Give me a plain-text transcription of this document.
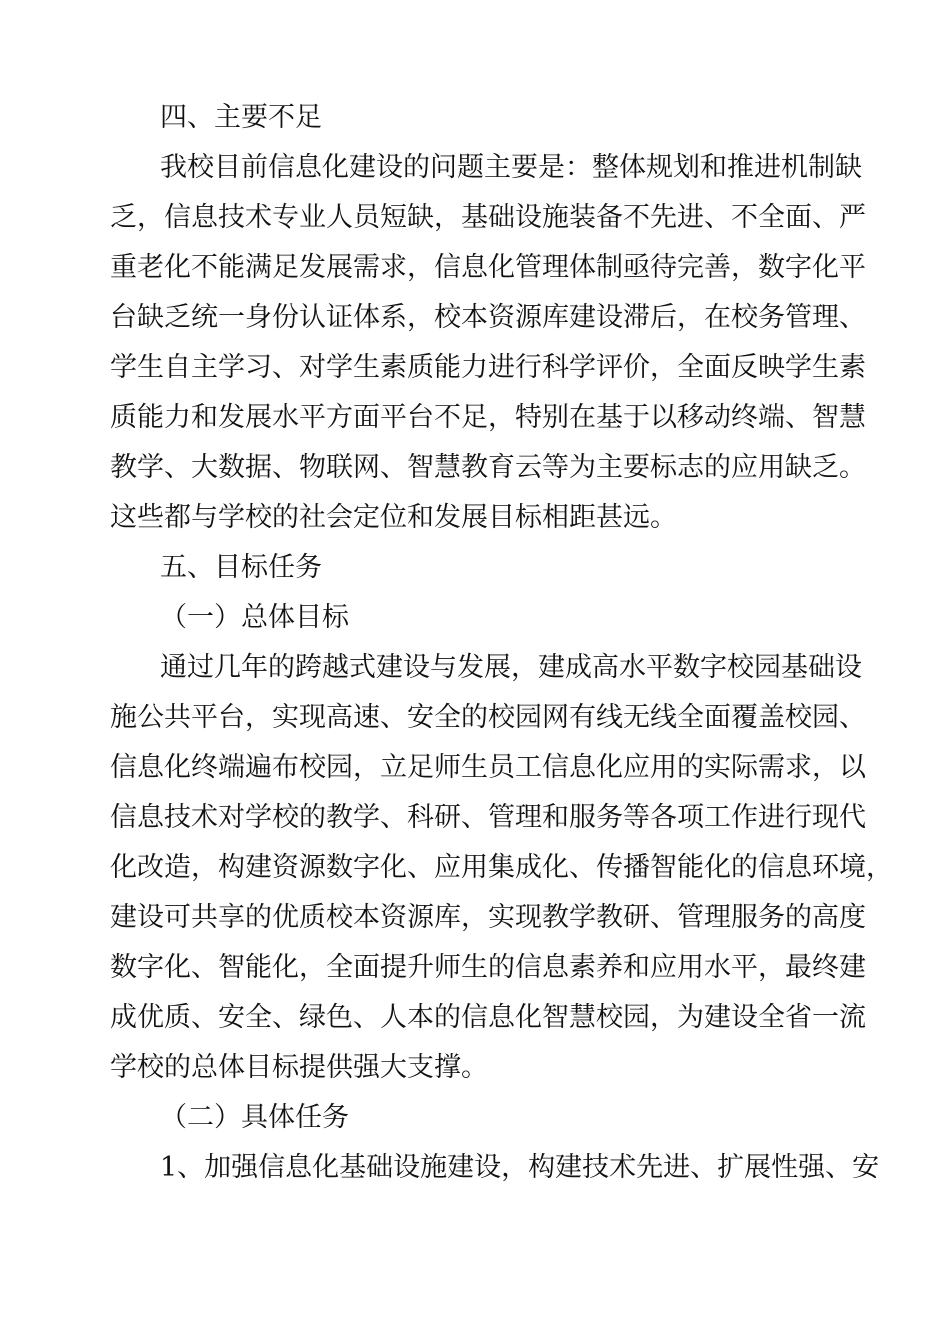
四、主要不足
我校目前信息化建设的问题主要是：整体规划和推进机制缺
乏，信息技术专业人员短缺，基础设施装备不先进、不全面、严
重老化不能满足发展需求，信息化管理体制亟待完善，数字化平
台缺乏统一身份认证体系，校本资源库建设滞后，在校务管理、
学生自主学习、对学生素质能力进行科学评价，全面反映学生素
质能力和发展水平方面平台不足，特别在基于以移动终端、智慧
教学、大数据、物联网、智慧教育云等为主要标志的应用缺乏。
这些都与学校的社会定位和发展目标相距甚远。
五、目标任务
（一）总体目标
通过几年的跨越式建设与发展，建成高水平数字校园基础设
施公共平台，实现高速、安全的校园网有线无线全面覆盖校园、
信息化终端遍布校园，立足师生员工信息化应用的实际需求，以
信息技术对学校的教学、科研、管理和服务等各项工作进行现代
化改造，构建资源数字化、应用集成化、传播智能化的信息环境，
建设可共享的优质校本资源库，实现教学教研、管理服务的高度
数字化、智能化，全面提升师生的信息素养和应用水平，最终建
成优质、安全、绿色、人本的信息化智慧校园，为建设全省一流
学校的总体目标提供强大支撑。
（二）具体任务
1、加强信息化基础设施建设，构建技术先进、扩展性强、安
